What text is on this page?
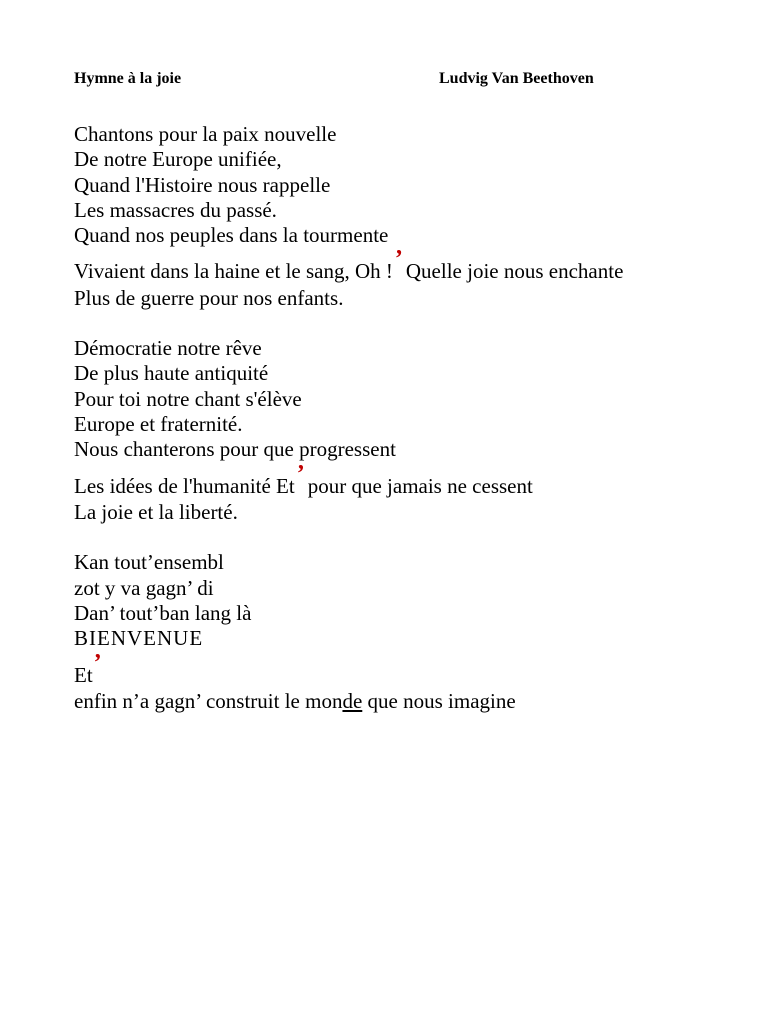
Hymne à la joie	Ludvig Van Beethoven
Chantons pour la paix nouvelle
De notre Europe unifiée,
Quand l'Histoire nous rappelle
Les massacres du passé.
Quand nos peuples dans la tourmente
Vivaient dans la haine et le sang, Oh !’ Quelle joie nous enchante
Plus de guerre pour nos enfants.
Démocratie notre rêve
De plus haute antiquité
Pour toi notre chant s'élève
Europe et fraternité.
Nous chanterons pour que progressent
Les idées de l'humanité Et’ pour que jamais ne cessent
La joie et la liberté.
Kan tout’ensembl
zot y va gagn’ di
Dan’ tout’ban lang là
BIENVENUE
Et’
enfin n’a gagn’ construit le monde que nous imagine
